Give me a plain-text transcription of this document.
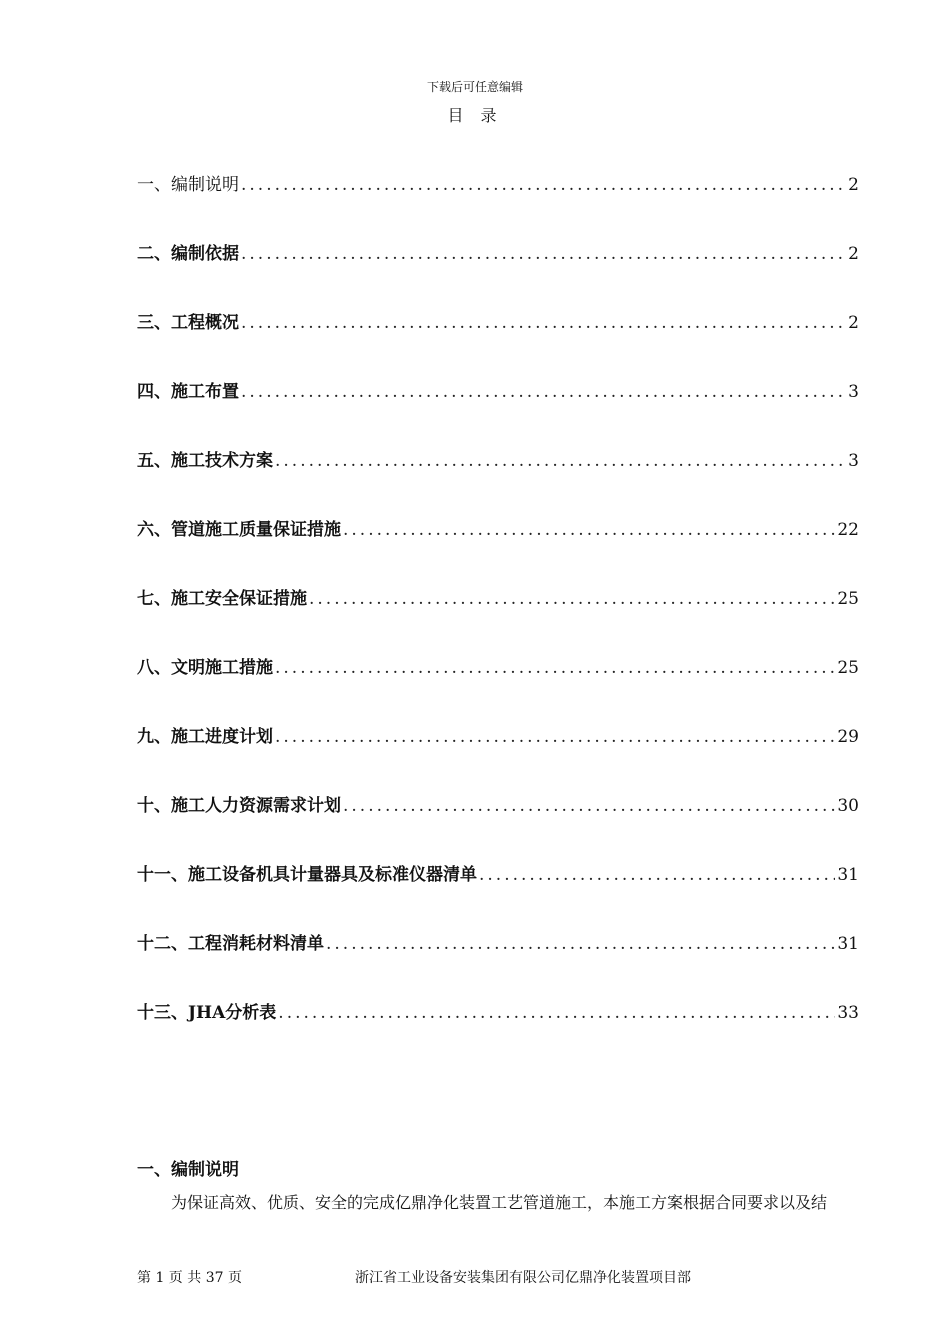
下载后可任意编辑
目 录
一、编制说明 .....	2
二、编制依据 .....	2
三、工程概况 .....	2
四、施工布置 .....	3
五、施工技术方案 .....	3
六、管道施工质量保证措施 .....	22
七、施工安全保证措施 .....	25
八、文明施工措施 .....	25
九、施工进度计划 .....	29
十、施工人力资源需求计划 .....	30
十一、施工设备机具计量器具及标准仪器清单 .....	31
十二、工程消耗材料清单 .....	31
十三、JHA分析表 .....	33
一、编制说明
为保证高效、优质、安全的完成亿鼎净化装置工艺管道施工，本施工方案根据合同要求以及结
第 1 页 共 37 页	浙江省工业设备安装集团有限公司亿鼎净化装置项目部
